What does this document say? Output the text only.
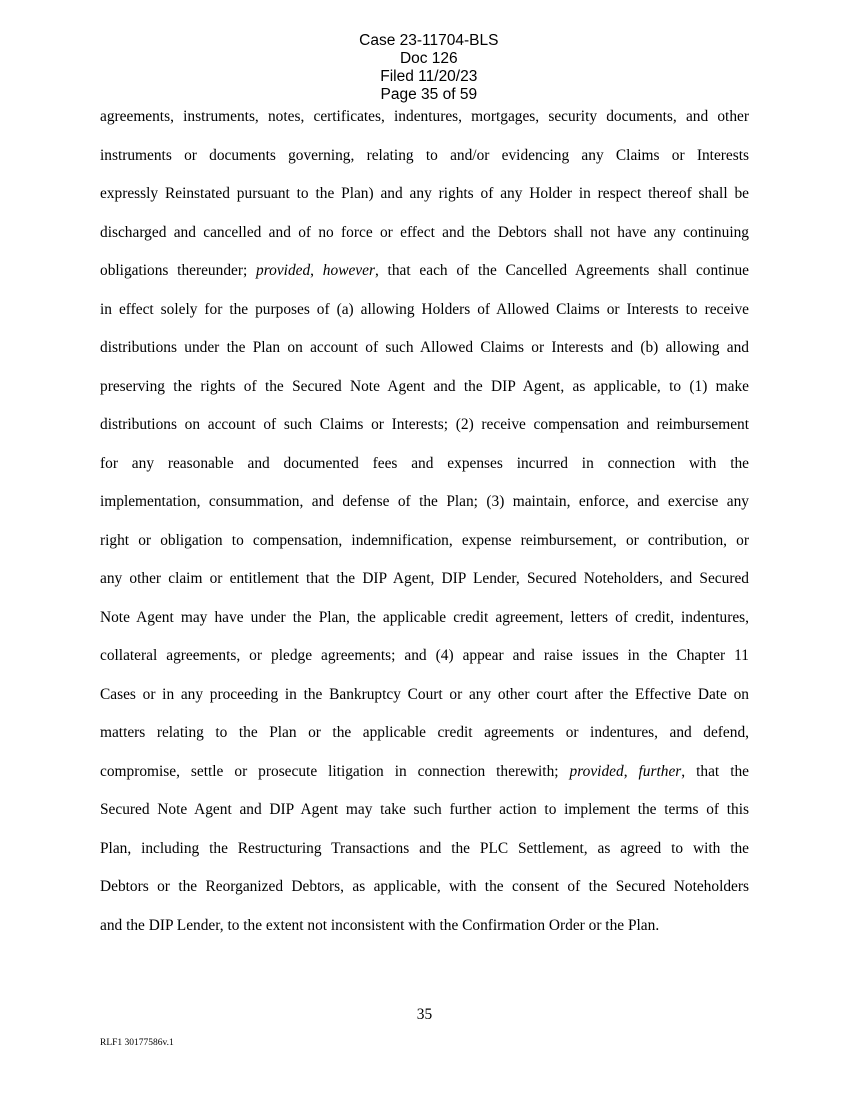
Case 23-11704-BLS
Doc 126
Filed 11/20/23
Page 35 of 59

agreements, instruments, notes, certificates, indentures, mortgages, security documents, and other
instruments or documents governing, relating to and/or evidencing any Claims or Interests
expressly Reinstated pursuant to the Plan) and any rights of any Holder in respect thereof shall be
discharged and cancelled and of no force or effect and the Debtors shall not have any continuing
obligations thereunder; provided, however, that each of the Cancelled Agreements shall continue
in effect solely for the purposes of (a) allowing Holders of Allowed Claims or Interests to receive
distributions under the Plan on account of such Allowed Claims or Interests and (b) allowing and
preserving the rights of the Secured Note Agent and the DIP Agent, as applicable, to (1) make
distributions on account of such Claims or Interests; (2) receive compensation and reimbursement
for any reasonable and documented fees and expenses incurred in connection with the
implementation, consummation, and defense of the Plan; (3) maintain, enforce, and exercise any
right or obligation to compensation, indemnification, expense reimbursement, or contribution, or
any other claim or entitlement that the DIP Agent, DIP Lender, Secured Noteholders, and Secured
Note Agent may have under the Plan, the applicable credit agreement, letters of credit, indentures,
collateral agreements, or pledge agreements; and (4) appear and raise issues in the Chapter 11
Cases or in any proceeding in the Bankruptcy Court or any other court after the Effective Date on
matters relating to the Plan or the applicable credit agreements or indentures, and defend,
compromise, settle or prosecute litigation in connection therewith; provided, further, that the
Secured Note Agent and DIP Agent may take such further action to implement the terms of this
Plan, including the Restructuring Transactions and the PLC Settlement, as agreed to with the
Debtors or the Reorganized Debtors, as applicable, with the consent of the Secured Noteholders
and the DIP Lender, to the extent not inconsistent with the Confirmation Order or the Plan.
35
RLF1 30177586v.1
